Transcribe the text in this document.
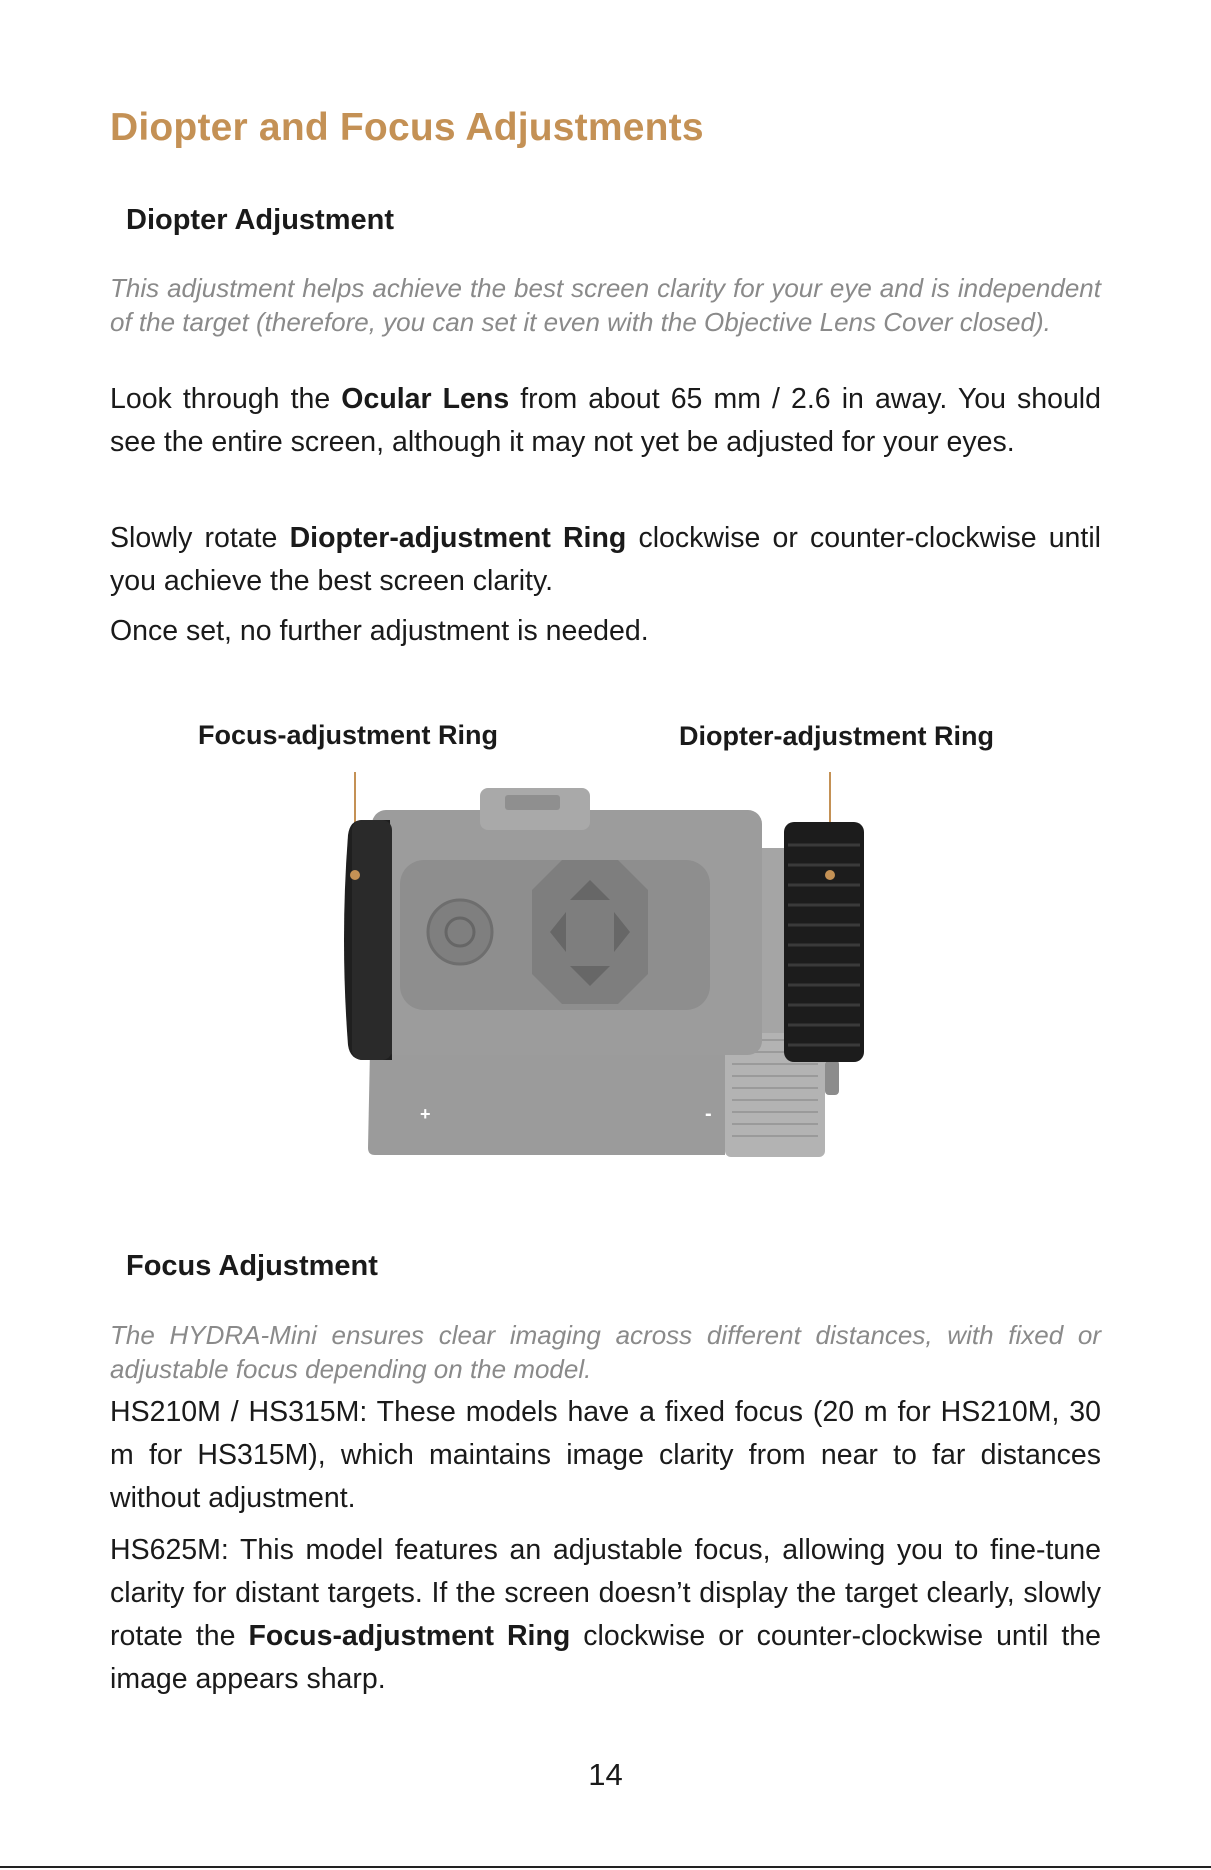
Diopter and Focus Adjustments
Diopter Adjustment

This adjustment helps achieve the best screen clarity for your eye and is independent of the target (therefore, you can set it even with the Objective Lens Cover closed).

Look through the Ocular Lens from about 65 mm / 2.6 in away. You should see the entire screen, although it may not yet be adjusted for your eyes.

Slowly rotate Diopter-adjustment Ring clockwise or counter-clockwise until you achieve the best screen clarity.

Once set, no further adjustment is needed.

Focus-adjustment Ring	Diopter-adjustment Ring
+	-
Focus Adjustment

The HYDRA-Mini ensures clear imaging across different distances, with fixed or adjustable focus depending on the model.

HS210M / HS315M: These models have a fixed focus (20 m for HS210M, 30 m for HS315M), which maintains image clarity from near to far distances without adjustment.

HS625M: This model features an adjustable focus, allowing you to fine-tune clarity for distant targets. If the screen doesn’t display the target clearly, slowly rotate the Focus-adjustment Ring clockwise or counter-clockwise until the image appears sharp.

14
